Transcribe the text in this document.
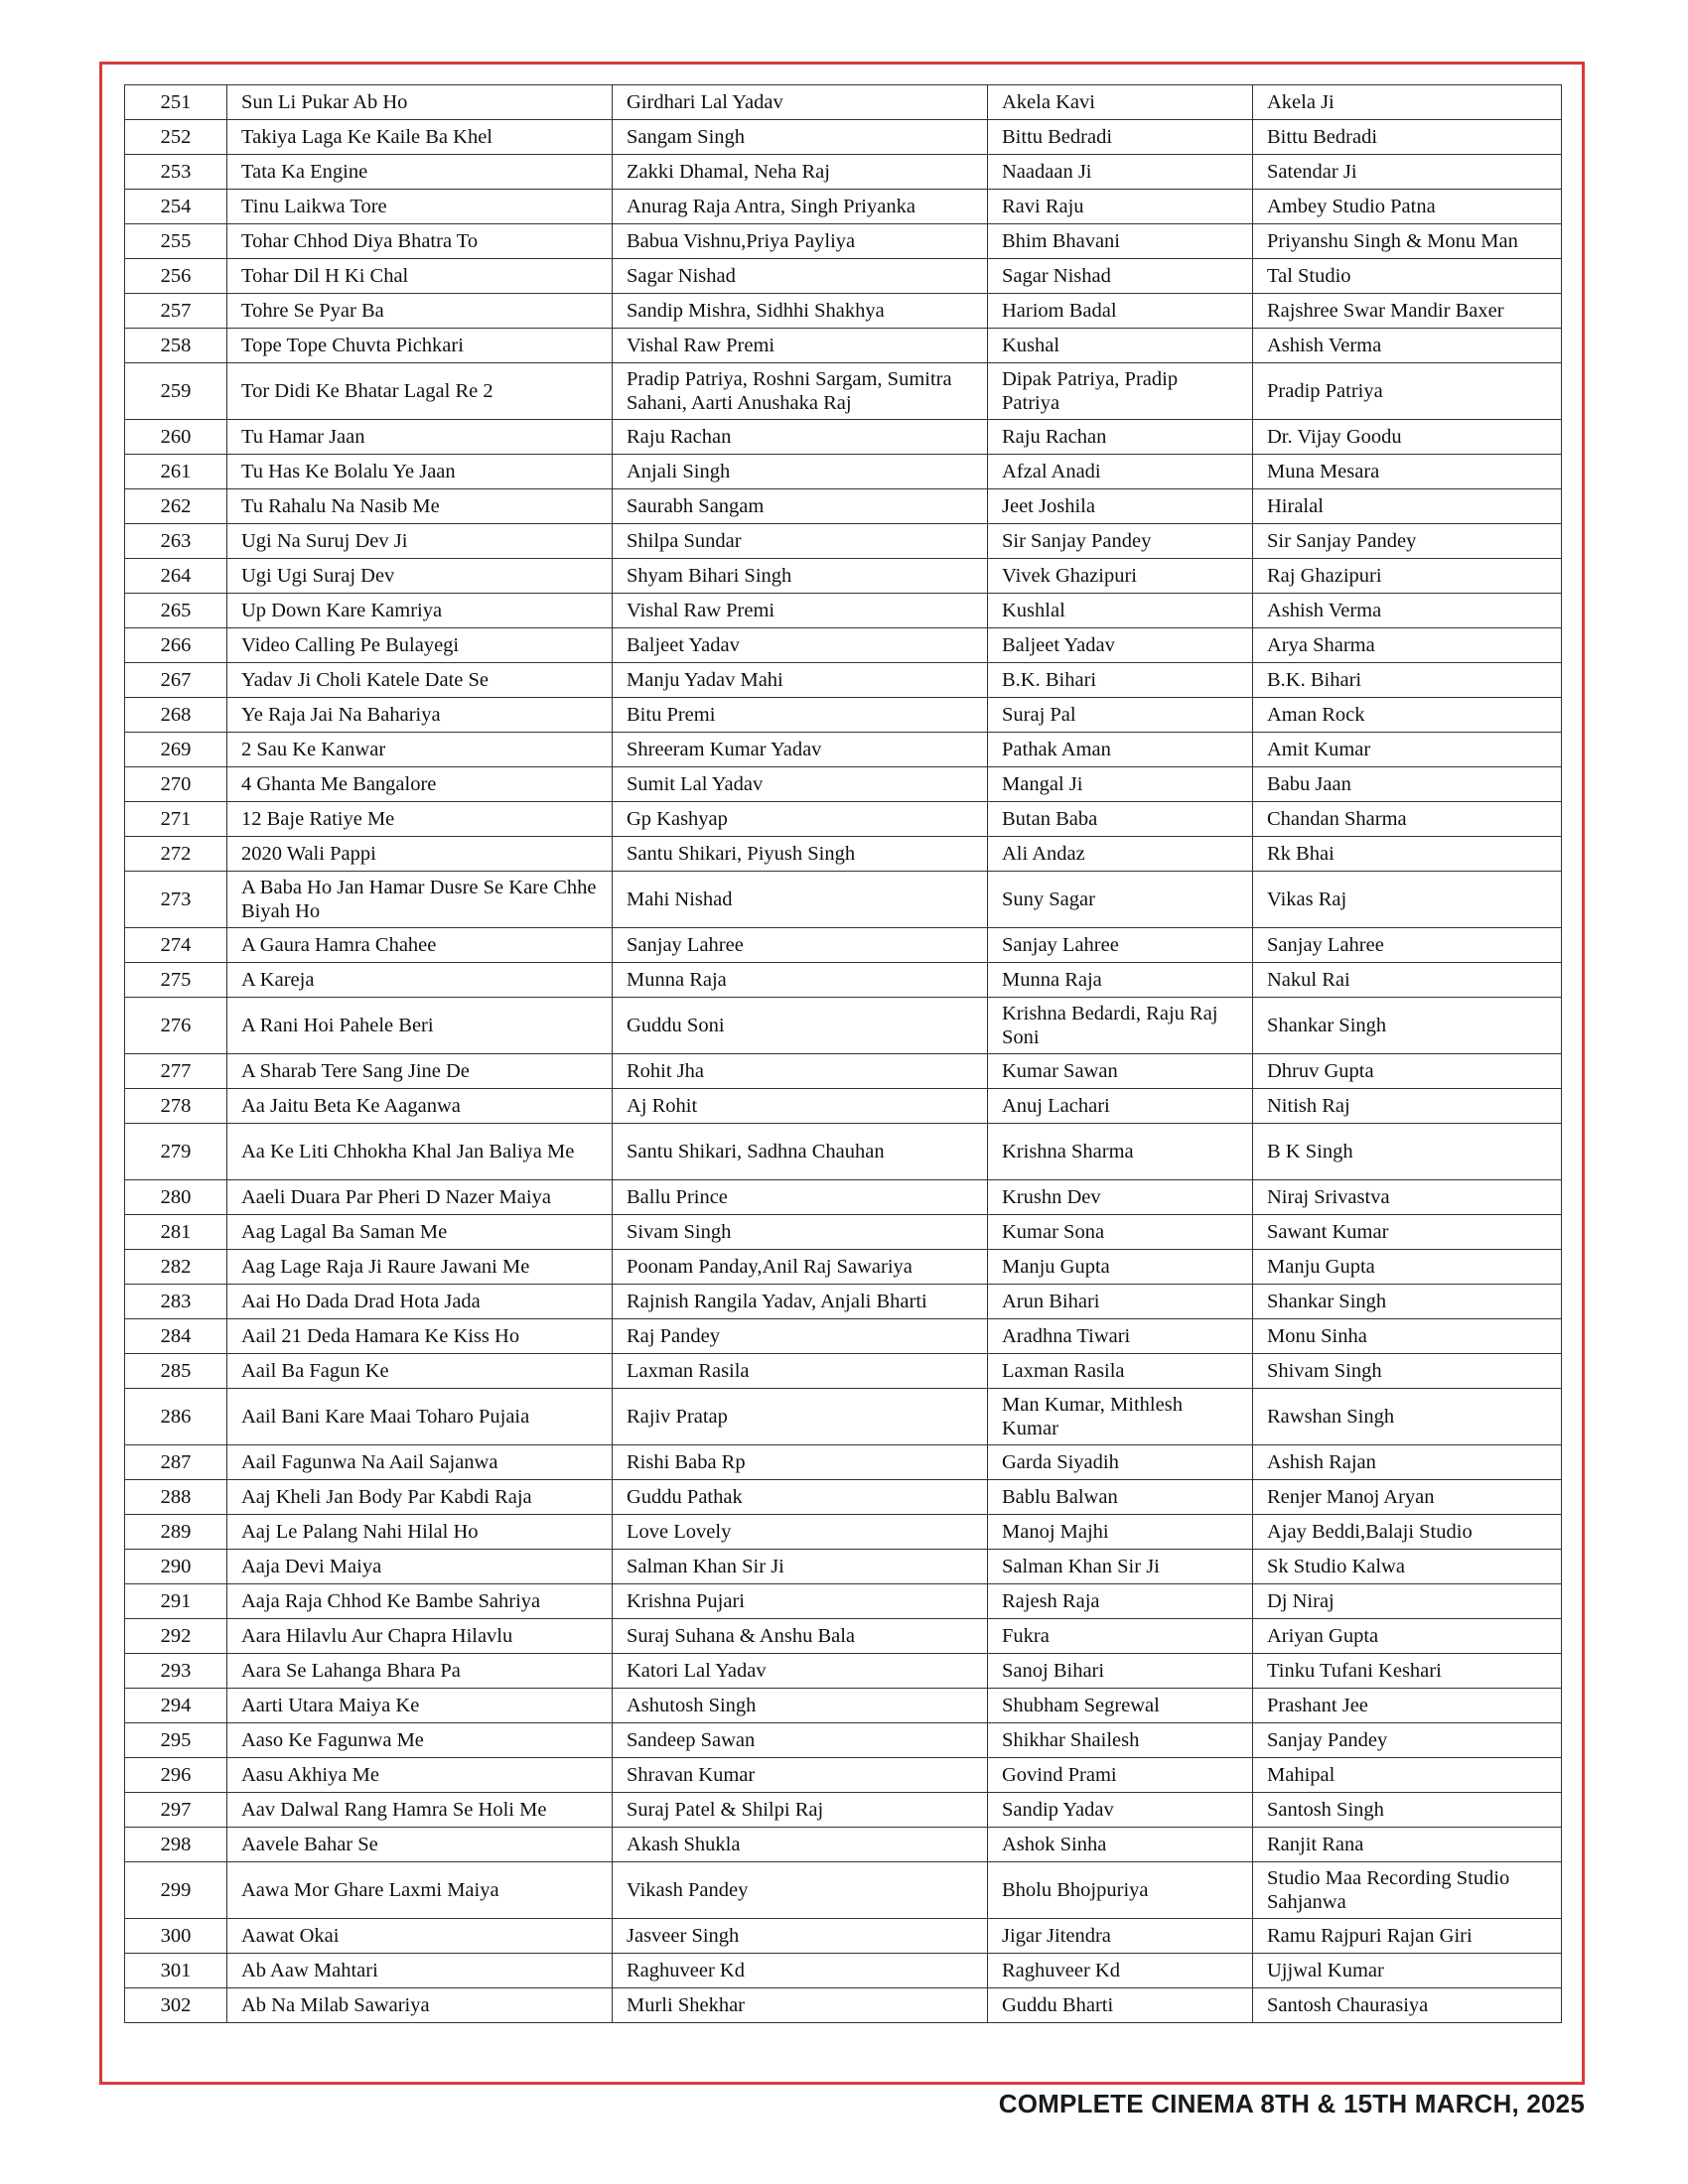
251	Sun Li Pukar Ab Ho	Girdhari Lal Yadav	Akela Kavi	Akela Ji
252	Takiya Laga Ke Kaile Ba Khel	Sangam Singh	Bittu Bedradi	Bittu Bedradi
253	Tata Ka Engine	Zakki Dhamal, Neha Raj	Naadaan Ji	Satendar Ji
254	Tinu Laikwa Tore	Anurag Raja Antra, Singh Priyanka	Ravi Raju	Ambey Studio Patna
255	Tohar Chhod Diya Bhatra To	Babua Vishnu,Priya Payliya	Bhim Bhavani	Priyanshu Singh & Monu Man
256	Tohar Dil H Ki Chal	Sagar Nishad	Sagar Nishad	Tal Studio
257	Tohre Se Pyar Ba	Sandip Mishra, Sidhhi Shakhya	Hariom Badal	Rajshree Swar Mandir Baxer
258	Tope Tope Chuvta Pichkari	Vishal Raw Premi	Kushal	Ashish Verma
259	Tor Didi Ke Bhatar Lagal Re 2	Pradip Patriya, Roshni Sargam, Sumitra Sahani, Aarti Anushaka Raj	Dipak Patriya, Pradip Patriya	Pradip Patriya
260	Tu Hamar Jaan	Raju Rachan	Raju Rachan	Dr. Vijay Goodu
261	Tu Has Ke Bolalu Ye Jaan	Anjali Singh	Afzal Anadi	Muna Mesara
262	Tu Rahalu Na Nasib Me	Saurabh Sangam	Jeet Joshila	Hiralal
263	Ugi Na Suruj Dev Ji	Shilpa Sundar	Sir Sanjay Pandey	Sir Sanjay Pandey
264	Ugi Ugi Suraj Dev	Shyam Bihari Singh	Vivek Ghazipuri	Raj Ghazipuri
265	Up Down Kare Kamriya	Vishal Raw Premi	Kushlal	Ashish Verma
266	Video Calling Pe Bulayegi	Baljeet Yadav	Baljeet Yadav	Arya Sharma
267	Yadav Ji Choli Katele Date Se	Manju Yadav Mahi	B.K. Bihari	B.K. Bihari
268	Ye Raja Jai Na Bahariya	Bitu Premi	Suraj Pal	Aman Rock
269	2 Sau Ke Kanwar	Shreeram Kumar Yadav	Pathak Aman	Amit Kumar
270	4 Ghanta Me Bangalore	Sumit Lal Yadav	Mangal Ji	Babu Jaan
271	12 Baje Ratiye Me	Gp Kashyap	Butan Baba	Chandan Sharma
272	2020 Wali Pappi	Santu Shikari, Piyush Singh	Ali Andaz	Rk Bhai
273	A Baba Ho Jan Hamar Dusre Se Kare Chhe Biyah Ho	Mahi Nishad	Suny Sagar	Vikas Raj
274	A Gaura Hamra Chahee	Sanjay Lahree	Sanjay Lahree	Sanjay Lahree
275	A Kareja	Munna Raja	Munna Raja	Nakul Rai
276	A Rani Hoi Pahele Beri	Guddu Soni	Krishna Bedardi, Raju Raj Soni	Shankar Singh
277	A Sharab Tere Sang Jine De	Rohit Jha	Kumar Sawan	Dhruv Gupta
278	Aa Jaitu Beta Ke Aaganwa	Aj Rohit	Anuj Lachari	Nitish Raj
279	Aa Ke Liti Chhokha Khal Jan Baliya Me	Santu Shikari, Sadhna Chauhan	Krishna Sharma	B K Singh
280	Aaeli Duara Par Pheri D Nazer Maiya	Ballu Prince	Krushn Dev	Niraj Srivastva
281	Aag Lagal Ba Saman Me	Sivam Singh	Kumar Sona	Sawant Kumar
282	Aag Lage Raja Ji Raure Jawani Me	Poonam Panday,Anil Raj Sawariya	Manju Gupta	Manju Gupta
283	Aai Ho Dada Drad Hota Jada	Rajnish Rangila Yadav, Anjali Bharti	Arun Bihari	Shankar Singh
284	Aail 21 Deda Hamara Ke Kiss Ho	Raj Pandey	Aradhna Tiwari	Monu Sinha
285	Aail Ba Fagun Ke	Laxman Rasila	Laxman Rasila	Shivam Singh
286	Aail Bani Kare Maai Toharo Pujaia	Rajiv Pratap	Man Kumar, Mithlesh Kumar	Rawshan Singh
287	Aail Fagunwa Na Aail Sajanwa	Rishi Baba Rp	Garda Siyadih	Ashish Rajan
288	Aaj Kheli Jan Body Par Kabdi Raja	Guddu Pathak	Bablu Balwan	Renjer Manoj Aryan
289	Aaj Le Palang Nahi Hilal Ho	Love Lovely	Manoj Majhi	Ajay Beddi,Balaji Studio
290	Aaja Devi Maiya	Salman Khan Sir Ji	Salman Khan Sir Ji	Sk Studio Kalwa
291	Aaja Raja Chhod Ke Bambe Sahriya	Krishna Pujari	Rajesh Raja	Dj Niraj
292	Aara Hilavlu Aur Chapra Hilavlu	Suraj Suhana & Anshu Bala	Fukra	Ariyan Gupta
293	Aara Se Lahanga Bhara Pa	Katori Lal Yadav	Sanoj Bihari	Tinku Tufani Keshari
294	Aarti Utara Maiya Ke	Ashutosh Singh	Shubham Segrewal	Prashant Jee
295	Aaso Ke Fagunwa Me	Sandeep Sawan	Shikhar Shailesh	Sanjay Pandey
296	Aasu Akhiya Me	Shravan Kumar	Govind Prami	Mahipal
297	Aav Dalwal Rang Hamra Se Holi Me	Suraj Patel & Shilpi Raj	Sandip Yadav	Santosh Singh
298	Aavele Bahar Se	Akash Shukla	Ashok Sinha	Ranjit Rana
299	Aawa Mor Ghare Laxmi Maiya	Vikash Pandey	Bholu Bhojpuriya	Studio Maa Recording Studio Sahjanwa
300	Aawat Okai	Jasveer Singh	Jigar Jitendra	Ramu Rajpuri Rajan Giri
301	Ab Aaw Mahtari	Raghuveer Kd	Raghuveer Kd	Ujjwal Kumar
302	Ab Na Milab Sawariya	Murli Shekhar	Guddu Bharti	Santosh Chaurasiya
COMPLETE CINEMA 8TH & 15TH MARCH, 2025
